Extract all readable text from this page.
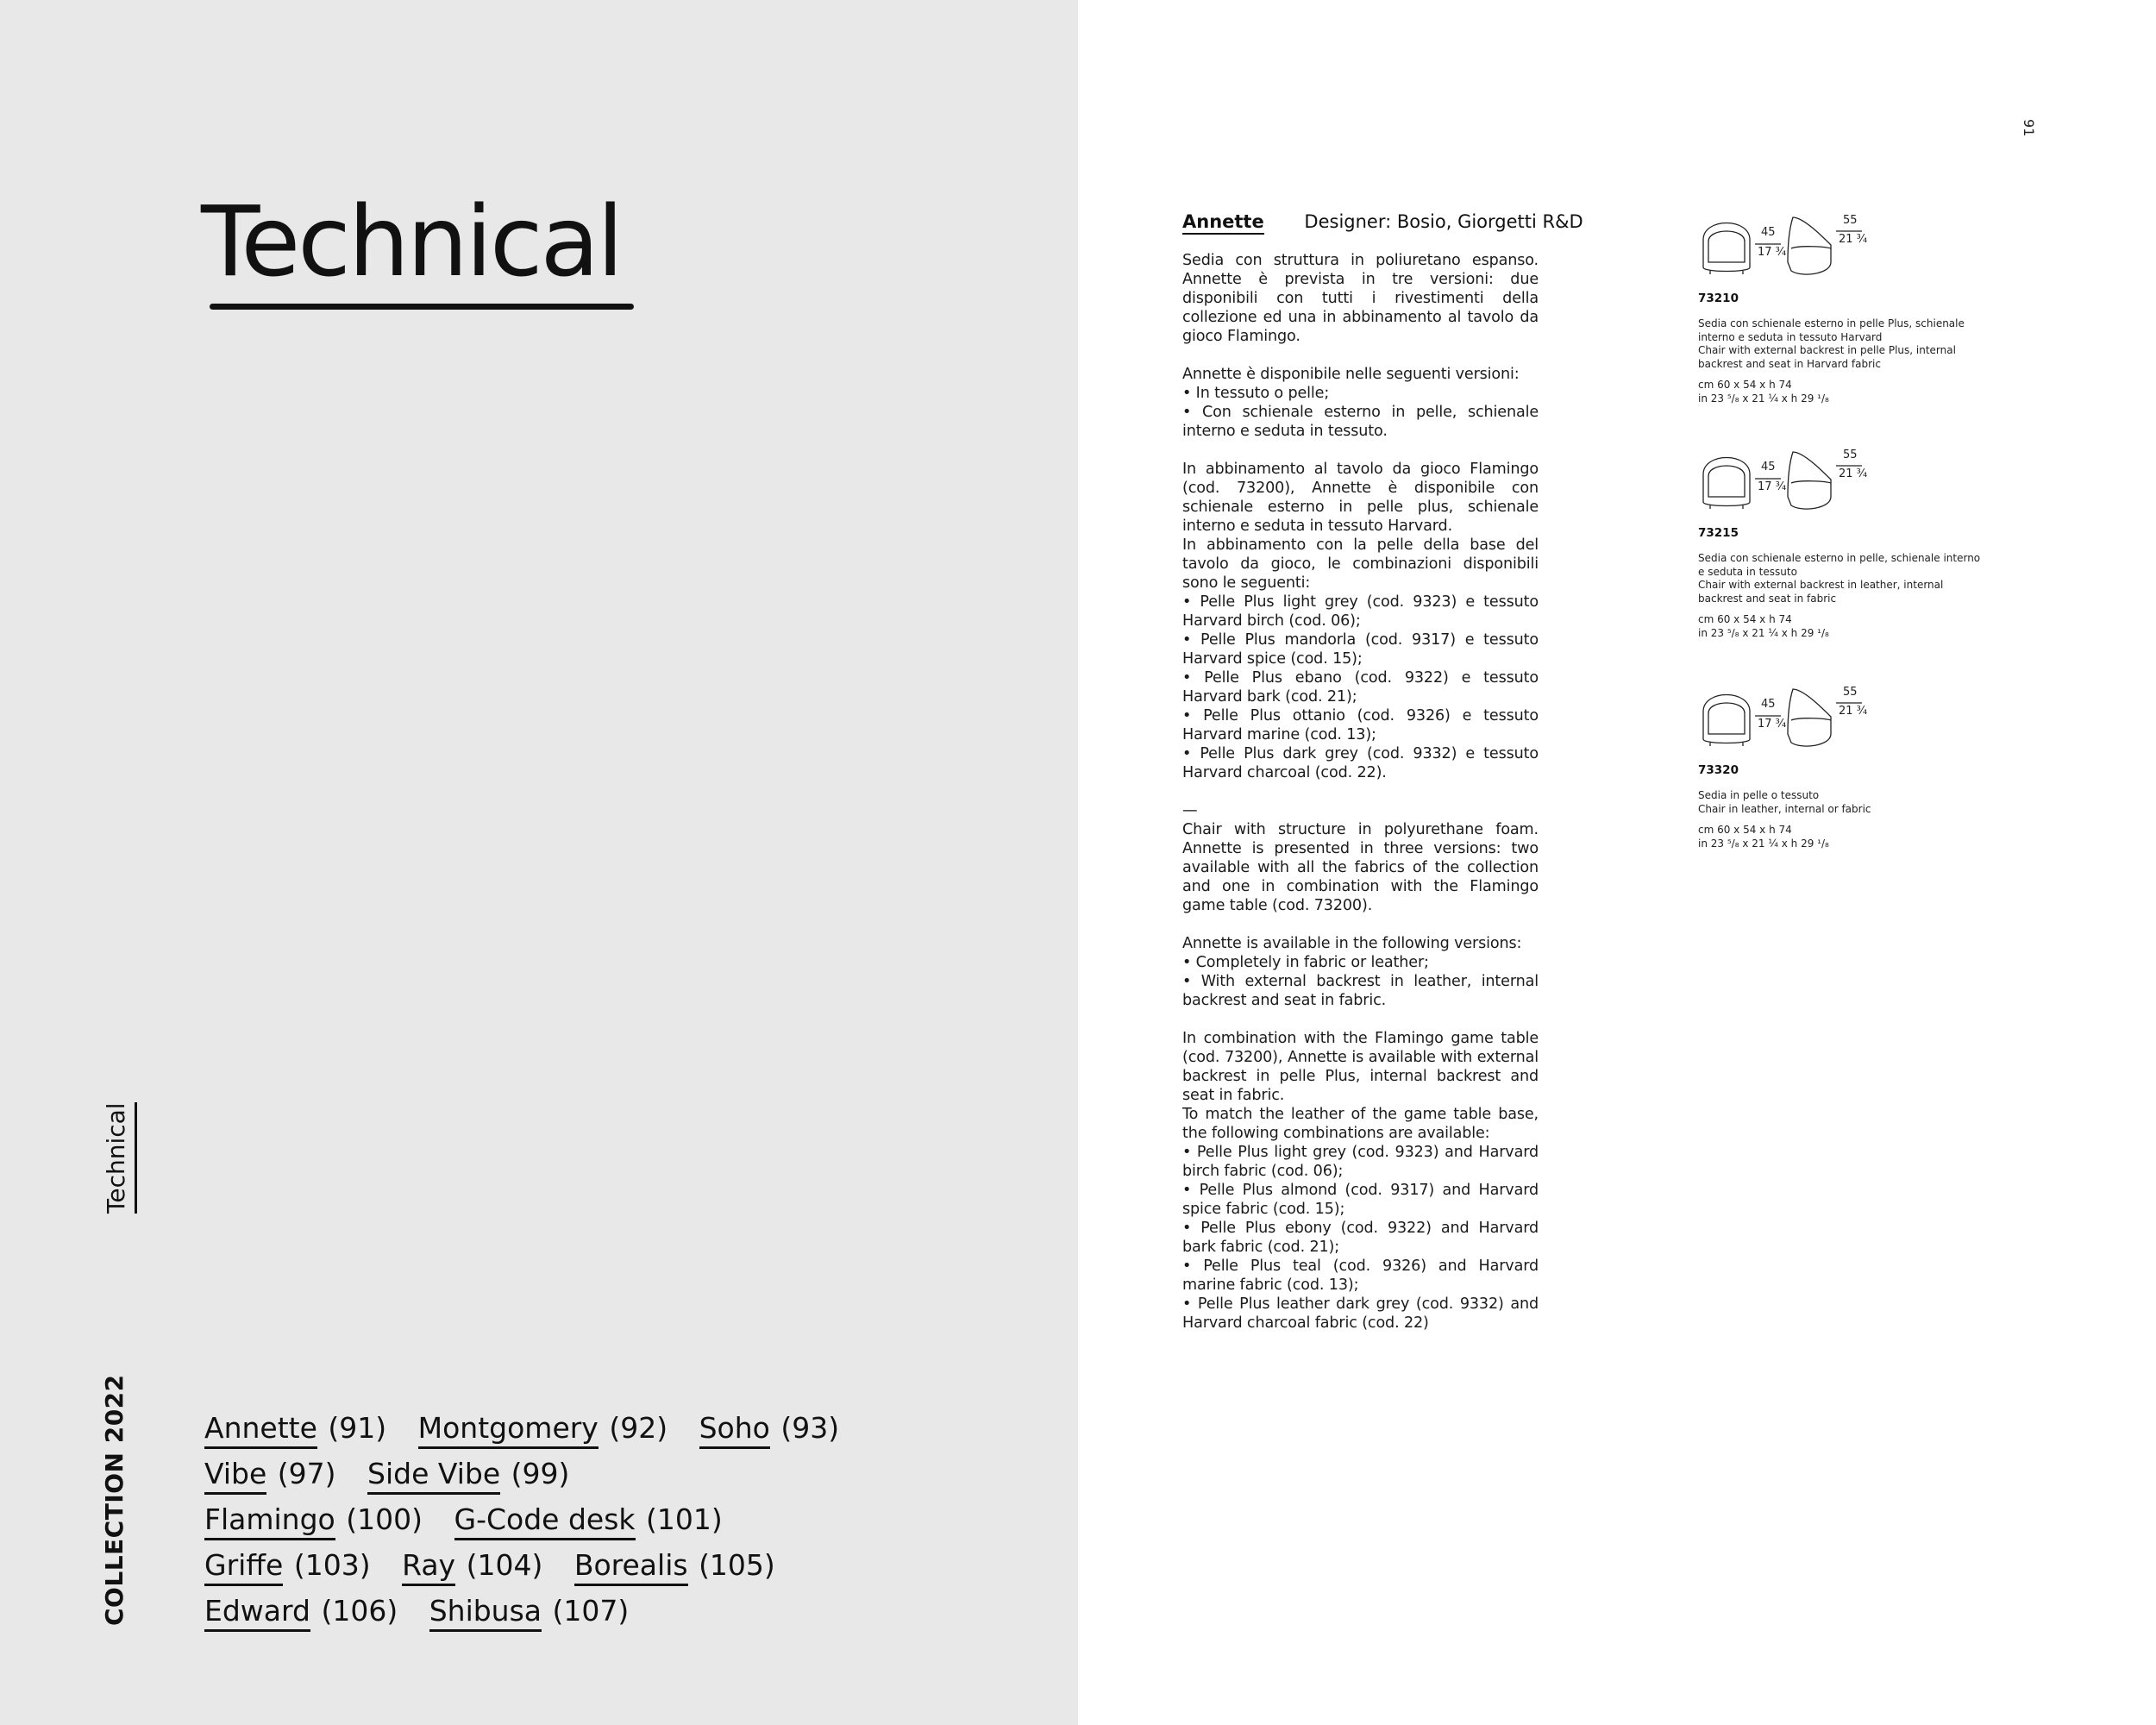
Technical
Technical
COLLECTION 2022	Annette (91) Montgomery (92) Soho (93)
Vibe (97) Side Vibe (99)
Flamingo (100) G-Code desk (101)
Griffe (103) Ray (104) Borealis (105)
Edward (106) Shibusa (107)
91
Annette Designer: Bosio, Giorgetti R&D

Sedia con struttura in poliuretano espanso. Annette è prevista in tre versioni: due disponibili con tutti i rivestimenti della collezione ed una in abbinamento al tavolo da gioco Flamingo.

Annette è disponibile nelle seguenti versioni:
• In tessuto o pelle;
• Con schienale esterno in pelle, schienale interno e seduta in tessuto.
In abbinamento al tavolo da gioco Flamingo (cod. 73200), Annette è disponibile con schienale esterno in pelle plus, schienale interno e seduta in tessuto Harvard.
In abbinamento con la pelle della base del tavolo da gioco, le combinazioni disponibili sono le seguenti:
• Pelle Plus light grey (cod. 9323) e tessuto Harvard birch (cod. 06);
• Pelle Plus mandorla (cod. 9317) e tessuto Harvard spice (cod. 15);
• Pelle Plus ebano (cod. 9322) e tessuto Harvard bark (cod. 21);
• Pelle Plus ottanio (cod. 9326) e tessuto Harvard marine (cod. 13);
• Pelle Plus dark grey (cod. 9332) e tessuto Harvard charcoal (cod. 22).
—

Chair with structure in polyurethane foam. Annette is presented in three versions: two available with all the fabrics of the collection and one in combination with the Flamingo game table (cod. 73200).

Annette is available in the following versions:
• Completely in fabric or leather;
• With external backrest in leather, internal backrest and seat in fabric.
In combination with the Flamingo game table (cod. 73200), Annette is available with external backrest in pelle Plus, internal backrest and seat in fabric.
To match the leather of the game table base, the following combinations are available:
• Pelle Plus light grey (cod. 9323) and Harvard birch fabric (cod. 06);
• Pelle Plus almond (cod. 9317) and Harvard spice fabric (cod. 15);
• Pelle Plus ebony (cod. 9322) and Harvard bark fabric (cod. 21);
• Pelle Plus teal (cod. 9326) and Harvard marine fabric (cod. 13);
• Pelle Plus leather dark grey (cod. 9332) and Harvard charcoal fabric (cod. 22)
45
17 ¾
55
21 ¾
73210
Sedia con schienale esterno in pelle Plus, schienale interno e seduta in tessuto Harvard
Chair with external backrest in pelle Plus, internal backrest and seat in Harvard fabric
cm 60 x 54 x h 74
in 23 ⁵/₈ x 21 ¼ x h 29 ¹/₈
45
17 ¾
55
21 ¾
73215
Sedia con schienale esterno in pelle, schienale interno e seduta in tessuto
Chair with external backrest in leather, internal backrest and seat in fabric
cm 60 x 54 x h 74
in 23 ⁵/₈ x 21 ¼ x h 29 ¹/₈
45
17 ¾
55
21 ¾
73320
Sedia in pelle o tessuto
Chair in leather, internal or fabric
cm 60 x 54 x h 74
in 23 ⁵/₈ x 21 ¼ x h 29 ¹/₈
